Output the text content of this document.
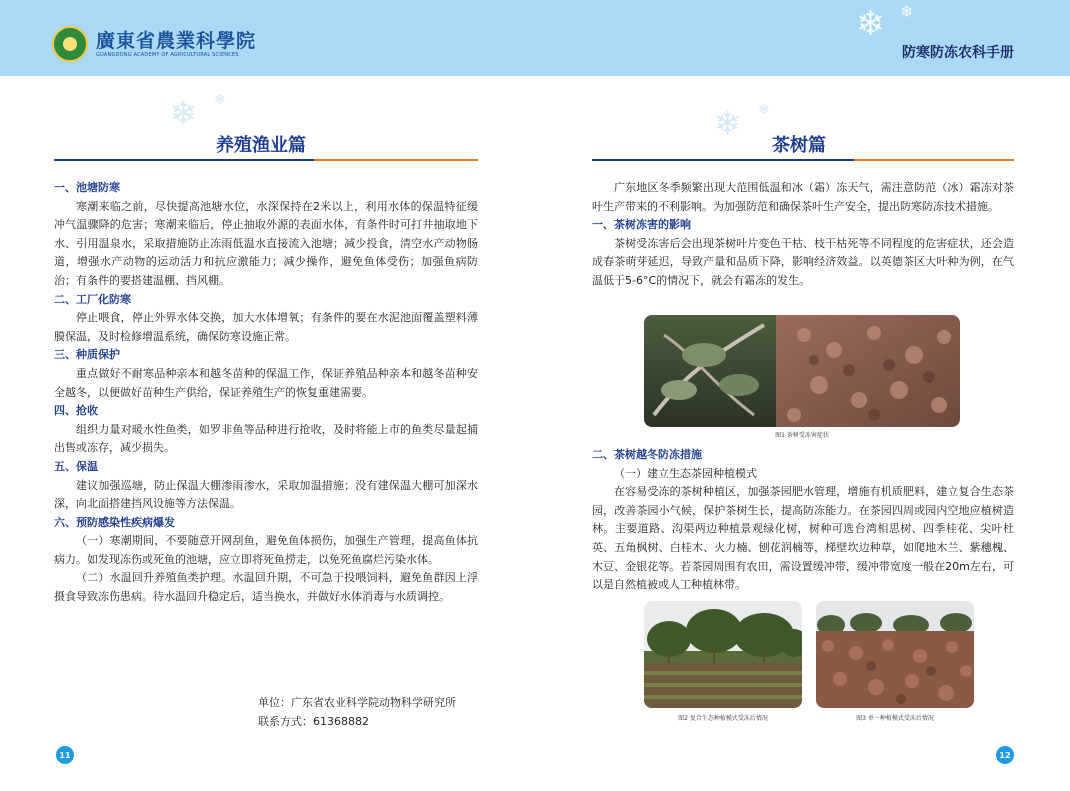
廣東省農業科學院
GUANGDONG ACADEMY OF AGRICULTURAL SCIENCES
❄ ❄
防寒防冻农科手册
❄ ❄
养殖渔业篇

一、池塘防寒

寒潮来临之前，尽快提高池塘水位，水深保持在2米以上，利用水体的保温特征缓冲气温骤降的危害；寒潮来临后，停止抽取外源的表面水体，有条件时可打井抽取地下水、引用温泉水，采取措施防止冻雨低温水直接流入池塘；减少投食，清空水产动物肠道，增强水产动物的运动活力和抗应激能力；减少操作，避免鱼体受伤；加强鱼病防治；有条件的要搭建温棚、挡风棚。

二、工厂化防寒

停止喂食，停止外界水体交换，加大水体增氧；有条件的要在水泥池面覆盖塑料薄膜保温，及时检修增温系统，确保防寒设施正常。

三、种质保护

重点做好不耐寒品种亲本和越冬苗种的保温工作，保证养殖品种亲本和越冬苗种安全越冬，以便做好苗种生产供给，保证养殖生产的恢复重建需要。

四、抢收

组织力量对暖水性鱼类，如罗非鱼等品种进行抢收，及时将能上市的鱼类尽量起捕出售或冻存，减少损失。

五、保温

建议加强巡塘，防止保温大棚渗雨渗水，采取加温措施；没有建保温大棚可加深水深，向北面搭建挡风设施等方法保温。

六、预防感染性疾病爆发

（一）寒潮期间，不要随意开网刮鱼，避免鱼体损伤，加强生产管理，提高鱼体抗病力。如发现冻伤或死鱼的池塘，应立即将死鱼捞走，以免死鱼腐烂污染水体。

（二）水温回升养殖鱼类护理。水温回升期，不可急于投喂饲料，避免鱼群因上浮摄食导致冻伤患病。待水温回升稳定后，适当换水，并做好水体消毒与水质调控。

单位：广东省农业科学院动物科学研究所
联系方式：61368882
11
❄ ❄
茶树篇

广东地区冬季频繁出现大范围低温和冰（霜）冻天气，需注意防范（冰）霜冻对茶叶生产带来的不利影响。为加强防范和确保茶叶生产安全，提出防寒防冻技术措施。

一、茶树冻害的影响

茶树受冻害后会出现茶树叶片变色干枯、枝干枯死等不同程度的危害症状，还会造成春茶萌芽延迟，导致产量和品质下降，影响经济效益。以英德茶区大叶种为例，在气温低于5-6°C的情况下，就会有霜冻的发生。

图1 茶树受冻害症状

二、茶树越冬防冻措施

（一）建立生态茶园种植模式

在容易受冻的茶树种植区，加强茶园肥水管理，增施有机质肥料，建立复合生态茶园，改善茶园小气候，保护茶树生长，提高防冻能力。在茶园四周或园内空地应植树造林。主要道路、沟渠两边种植景观绿化树，树种可选台湾相思树、四季桂花、尖叶杜英、五角枫树、白桂木、火力楠、刨花润楠等，梯壁坎边种草，如爬地木兰、紫穗槐、木豆、金银花等。若茶园周围有农田，需设置缓冲带，缓冲带宽度一般在20m左右，可以是自然植被或人工种植林带。

图2 复合生态种植模式受冻后情况	图3 单一种植模式受冻后情况
12
